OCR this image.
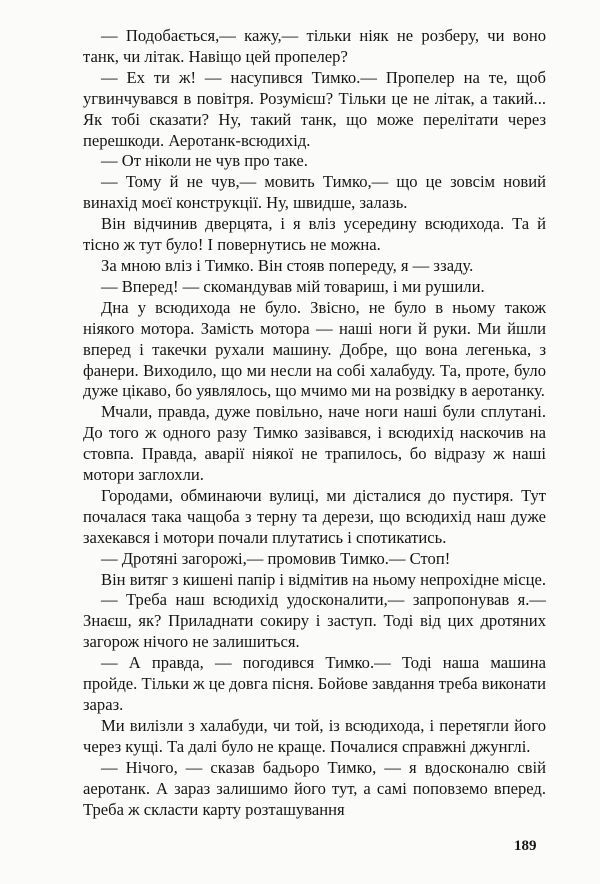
— Подобається,— кажу,— тільки ніяк не розберу, чи воно танк, чи літак. Навіщо цей пропелер?

— Ех ти ж! — насупився Тимко.— Пропелер на те, щоб угвинчувався в повітря. Розумієш? Тільки це не літак, а такий... Як тобі сказати? Ну, такий танк, що може перелітати через перешкоди. Аеротанк-всюдихід.

— От ніколи не чув про таке.

— Тому й не чув,— мовить Тимко,— що це зовсім новий винахід моєї конструкції. Ну, швидше, залазь.

Він відчинив дверцята, і я вліз усередину всюдихода. Та й тісно ж тут було! І повернутись не можна.

За мною вліз і Тимко. Він стояв попереду, я — ззаду.

— Вперед! — скомандував мій товариш, і ми рушили.

Дна у всюдихода не було. Звісно, не було в ньому також ніякого мотора. Замість мотора — наші ноги й руки. Ми йшли вперед і такечки рухали машину. Добре, що вона легенька, з фанери. Виходило, що ми несли на собі халабуду. Та, проте, було дуже цікаво, бо уявлялось, що мчимо ми на розвідку в аеротанку.

Мчали, правда, дуже повільно, наче ноги наші були сплутані. До того ж одного разу Тимко зазівався, і всюдихід наскочив на стовпа. Правда, аварії ніякої не трапилось, бо відразу ж наші мотори заглохли.

Городами, обминаючи вулиці, ми дісталися до пустиря. Тут почалася така чащоба з терну та дерези, що всюдихід наш дуже захекався і мотори почали плутатись і спотикатись.

— Дротяні загорожі,— промовив Тимко.— Стоп!

Він витяг з кишені папір і відмітив на ньому непрохідне місце.

— Треба наш всюдихід удосконалити,— запропонував я.— Знаєш, як? Приладнати сокиру і заступ. Тоді від цих дротяних загорож нічого не залишиться.

— А правда, — погодився Тимко.— Тоді наша машина пройде. Тільки ж це довга пісня. Бойове завдання треба виконати зараз.

Ми вилізли з халабуди, чи той, із всюдихода, і перетягли його через кущі. Та далі було не краще. Почалися справжні джунглі.

— Нічого, — сказав бадьоро Тимко, — я вдосконалю свій аеротанк. А зараз залишимо його тут, а самі поповземо вперед. Треба ж скласти карту розташування

189
